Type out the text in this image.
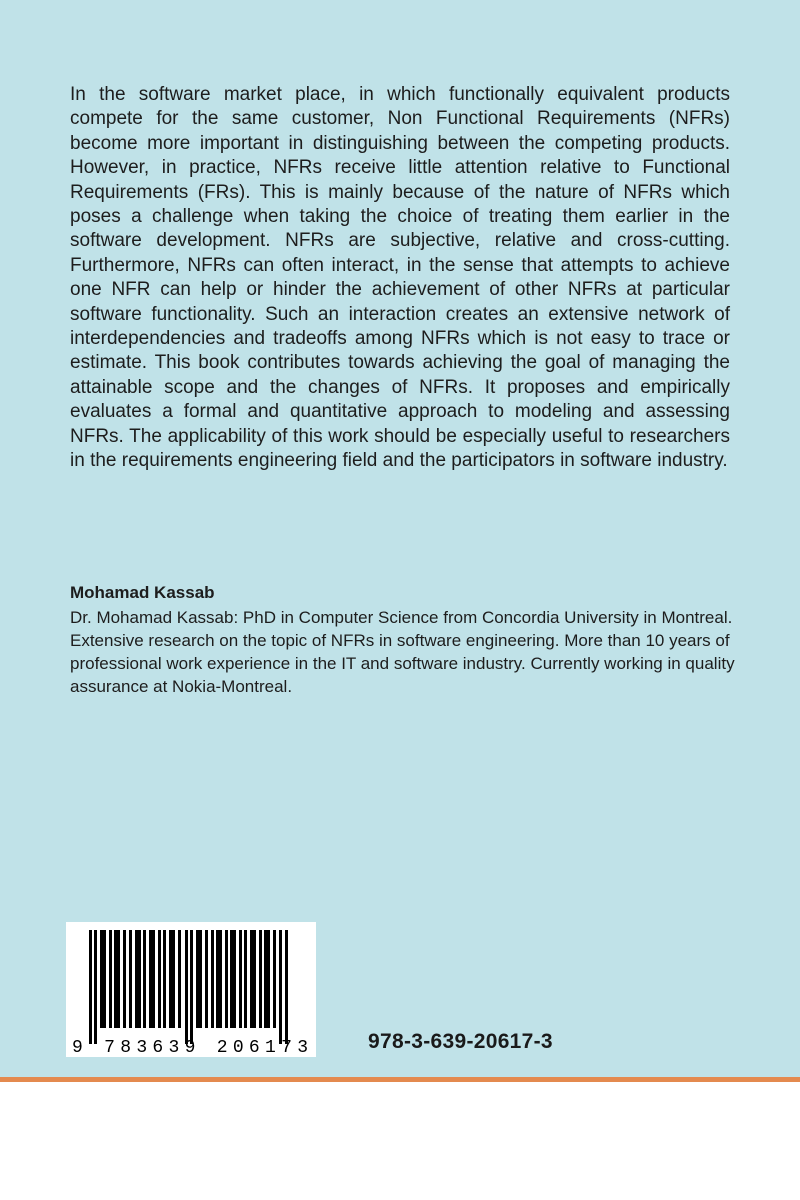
In the software market place, in which functionally equivalent products compete for the same customer, Non Functional Requirements (NFRs) become more important in distinguishing between the competing products. However, in practice, NFRs receive little attention relative to Functional Requirements (FRs). This is mainly because of the nature of NFRs which poses a challenge when taking the choice of treating them earlier in the software development. NFRs are subjective, relative and cross-cutting. Furthermore, NFRs can often interact, in the sense that attempts to achieve one NFR can help or hinder the achievement of other NFRs at particular software functionality. Such an interaction creates an extensive network of interdependencies and tradeoffs among NFRs which is not easy to trace or estimate. This book contributes towards achieving the goal of managing the attainable scope and the changes of NFRs. It proposes and empirically evaluates a formal and quantitative approach to modeling and assessing NFRs. The applicability of this work should be especially useful to researchers in the requirements engineering field and the participators in software industry.

Mohamad Kassab

Dr. Mohamad Kassab: PhD in Computer Science from Concordia University in Montreal. Extensive research on the topic of NFRs in software engineering. More than 10 years of professional work experience in the IT and software industry. Currently working in quality assurance at Nokia-Montreal.

9 783639 206173	978-3-639-20617-3
